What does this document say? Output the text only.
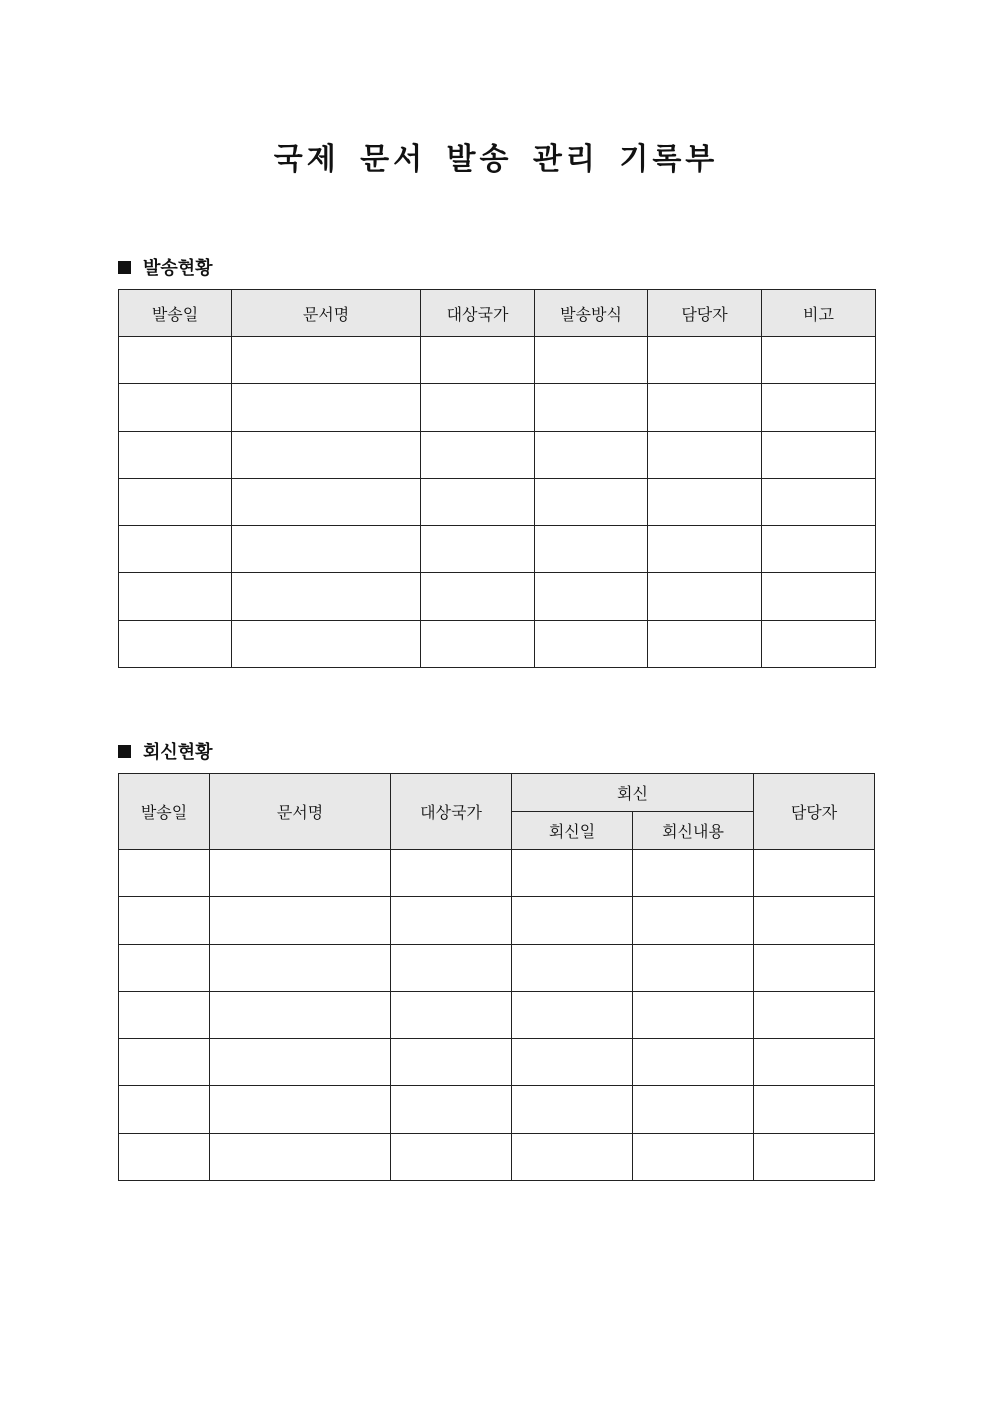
국제 문서 발송 관리 기록부
발송현황
발송일	문서명	대상국가	발송방식	담당자	비고

회신현황
발송일	문서명	대상국가	회신		담당자
			회신일	회신내용	
